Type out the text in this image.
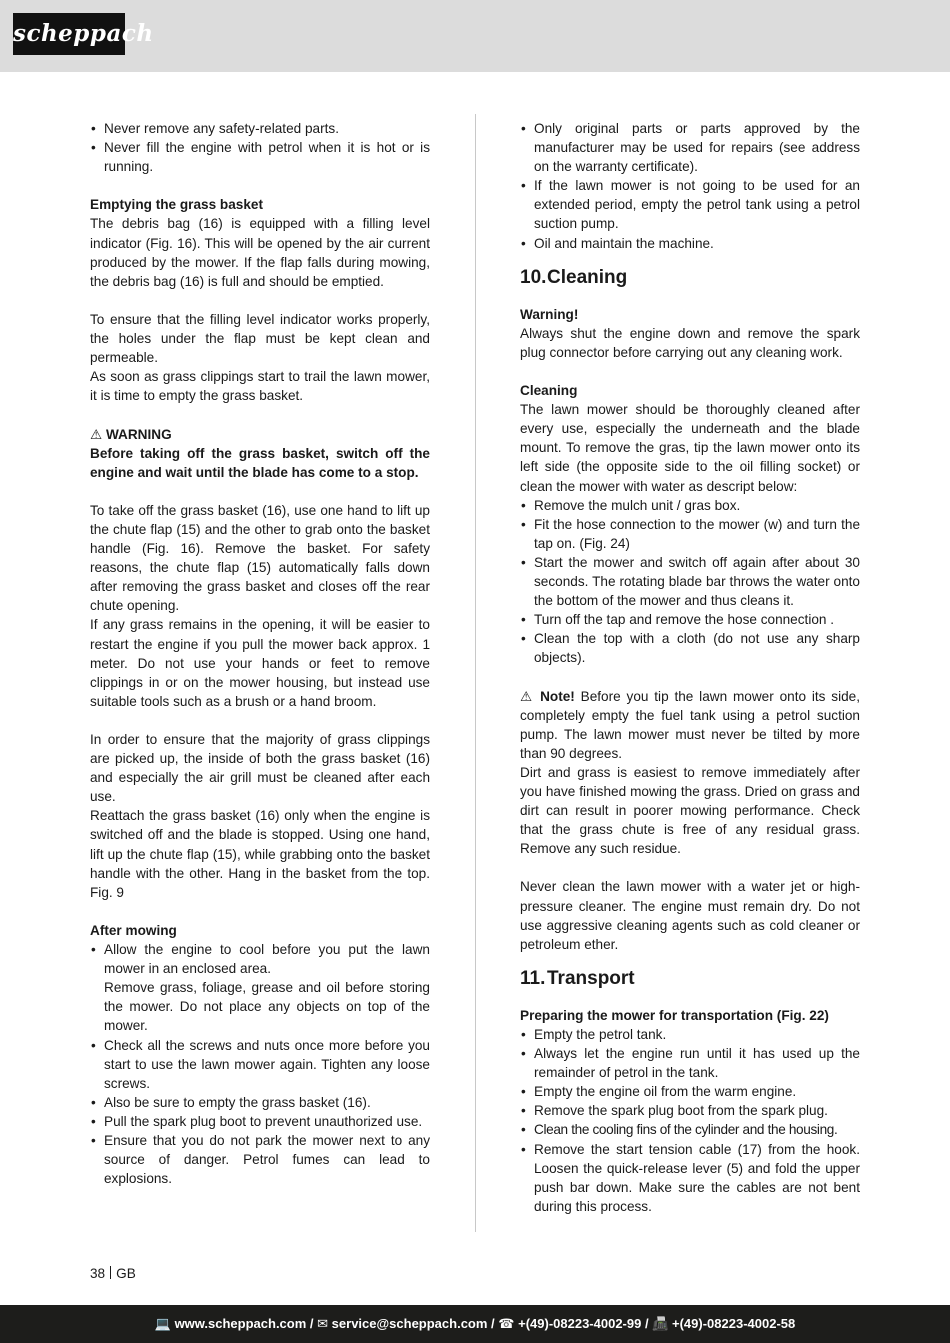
scheppach
• Never remove any safety-related parts.
• Never fill the engine with petrol when it is hot or is running.

Emptying the grass basket

The debris bag (16) is equipped with a filling level indicator (Fig. 16). This will be opened by the air current produced by the mower. If the flap falls during mowing, the debris bag (16) is full and should be emptied.

To ensure that the filling level indicator works properly, the holes under the flap must be kept clean and permeable.

As soon as grass clippings start to trail the lawn mower, it is time to empty the grass basket.

⚠ WARNING

Before taking off the grass basket, switch off the engine and wait until the blade has come to a stop.

To take off the grass basket (16), use one hand to lift up the chute flap (15) and the other to grab onto the basket handle (Fig. 16). Remove the basket. For safety reasons, the chute flap (15) automatically falls down after removing the grass basket and closes off the rear chute opening.

If any grass remains in the opening, it will be easier to restart the engine if you pull the mower back approx. 1 meter. Do not use your hands or feet to remove clippings in or on the mower housing, but instead use suitable tools such as a brush or a hand broom.

In order to ensure that the majority of grass clippings are picked up, the inside of both the grass basket (16) and especially the air grill must be cleaned after each use.

Reattach the grass basket (16) only when the engine is switched off and the blade is stopped. Using one hand, lift up the chute flap (15), while grabbing onto the basket handle with the other. Hang in the basket from the top. Fig. 9

After mowing

• Allow the engine to cool before you put the lawn mower in an enclosed area.
Remove grass, foliage, grease and oil before storing the mower. Do not place any objects on top of the mower.
• Check all the screws and nuts once more before you start to use the lawn mower again. Tighten any loose screws.
• Also be sure to empty the grass basket (16).
• Pull the spark plug boot to prevent unauthorized use.
• Ensure that you do not park the mower next to any source of danger. Petrol fumes can lead to explosions.
• Only original parts or parts approved by the manufacturer may be used for repairs (see address on the warranty certificate).
• If the lawn mower is not going to be used for an extended period, empty the petrol tank using a petrol suction pump.
• Oil and maintain the machine.
10.Cleaning

Warning!

Always shut the engine down and remove the spark plug connector before carrying out any cleaning work.

Cleaning

The lawn mower should be thoroughly cleaned after every use, especially the underneath and the blade mount. To remove the gras, tip the lawn mower onto its left side (the opposite side to the oil filling socket) or clean the mower with water as descript below:

• Remove the mulch unit / gras box.
• Fit the hose connection to the mower (w) and turn the tap on. (Fig. 24)
• Start the mower and switch off again after about 30 seconds. The rotating blade bar throws the water onto the bottom of the mower and thus cleans it.
• Turn off the tap and remove the hose connection .
• Clean the top with a cloth (do not use any sharp objects).

⚠ Note! Before you tip the lawn mower onto its side, completely empty the fuel tank using a petrol suction pump. The lawn mower must never be tilted by more than 90 degrees.

Dirt and grass is easiest to remove immediately after you have finished mowing the grass. Dried on grass and dirt can result in poorer mowing performance. Check that the grass chute is free of any residual grass. Remove any such residue.

Never clean the lawn mower with a water jet or high-pressure cleaner. The engine must remain dry. Do not use aggressive cleaning agents such as cold cleaner or petroleum ether.

11.Transport

Preparing the mower for transportation (Fig. 22)

• Empty the petrol tank.
• Always let the engine run until it has used up the remainder of petrol in the tank.
• Empty the engine oil from the warm engine.
• Remove the spark plug boot from the spark plug.
• Clean the cooling fins of the cylinder and the housing.
• Remove the start tension cable (17) from the hook. Loosen the quick-release lever (5) and fold the upper push bar down. Make sure the cables are not bent during this process.
38 GB
💻 www.scheppach.com / ✉ service@scheppach.com / ☎ +(49)-08223-4002-99 / 📠 +(49)-08223-4002-58
